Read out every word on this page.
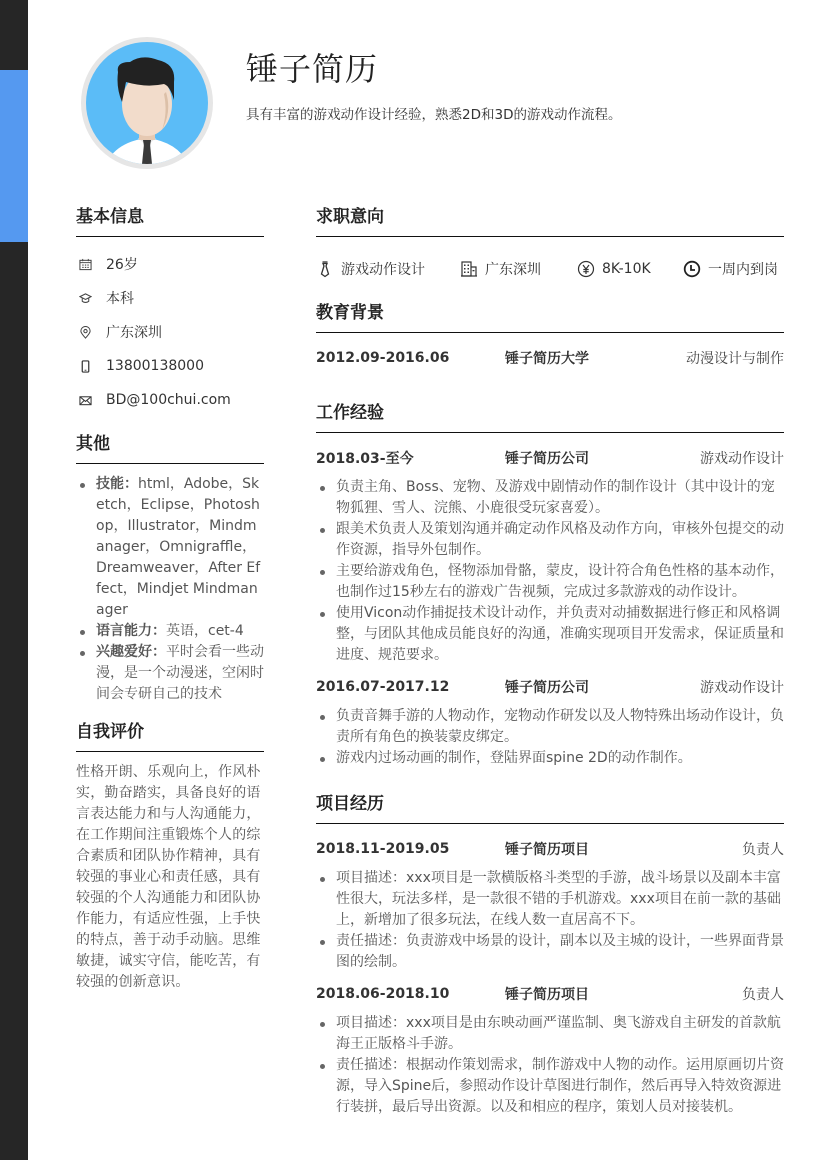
锤子简历
具有丰富的游戏动作设计经验，熟悉2D和3D的游戏动作流程。
基本信息
26岁
本科
广东深圳
13800138000
BD@100chui.com
其他
技能：html，Adobe，Sketch，Eclipse，Photoshop，Illustrator，Mindmanager，Omnigraffle，Dreamweaver，After Effect，Mindjet Mindmanager
语言能力：英语，cet-4
兴趣爱好：平时会看一些动漫，是一个动漫迷，空闲时间会专研自己的技术
自我评价

性格开朗、乐观向上，作风朴实，勤奋踏实，具备良好的语言表达能力和与人沟通能力，在工作期间注重锻炼个人的综合素质和团队协作精神，具有较强的事业心和责任感，具有较强的个人沟通能力和团队协作能力，有适应性强，上手快的特点，善于动手动脑。思维敏捷，诚实守信，能吃苦，有较强的创新意识。

求职意向
游戏动作设计	广东深圳	8K-10K	一周内到岗
教育背景
2012.09-2016.06	锤子简历大学	动漫设计与制作
工作经验
2018.03-至今	锤子简历公司	游戏动作设计
负责主角、Boss、宠物、及游戏中剧情动作的制作设计（其中设计的宠物狐狸、雪人、浣熊、小鹿很受玩家喜爱）。
跟美术负责人及策划沟通并确定动作风格及动作方向，审核外包提交的动作资源，指导外包制作。
主要给游戏角色，怪物添加骨骼，蒙皮，设计符合角色性格的基本动作，也制作过15秒左右的游戏广告视频，完成过多款游戏的动作设计。
使用Vicon动作捕捉技术设计动作，并负责对动捕数据进行修正和风格调整，与团队其他成员能良好的沟通，准确实现项目开发需求，保证质量和进度、规范要求。
2016.07-2017.12	锤子简历公司	游戏动作设计
负责音舞手游的人物动作，宠物动作研发以及人物特殊出场动作设计，负责所有角色的换装蒙皮绑定。
游戏内过场动画的制作，登陆界面spine 2D的动作制作。
项目经历
2018.11-2019.05	锤子简历项目	负责人
项目描述：xxx项目是一款横版格斗类型的手游，战斗场景以及副本丰富性很大，玩法多样，是一款很不错的手机游戏。xxx项目在前一款的基础上，新增加了很多玩法，在线人数一直居高不下。
责任描述：负责游戏中场景的设计，副本以及主城的设计，一些界面背景图的绘制。
2018.06-2018.10	锤子简历项目	负责人
项目描述：xxx项目是由东映动画严谨监制、奥飞游戏自主研发的首款航海王正版格斗手游。
责任描述：根据动作策划需求，制作游戏中人物的动作。运用原画切片资源，导入Spine后，参照动作设计草图进行制作，然后再导入特效资源进行装拼，最后导出资源。以及和相应的程序，策划人员对接装机。
